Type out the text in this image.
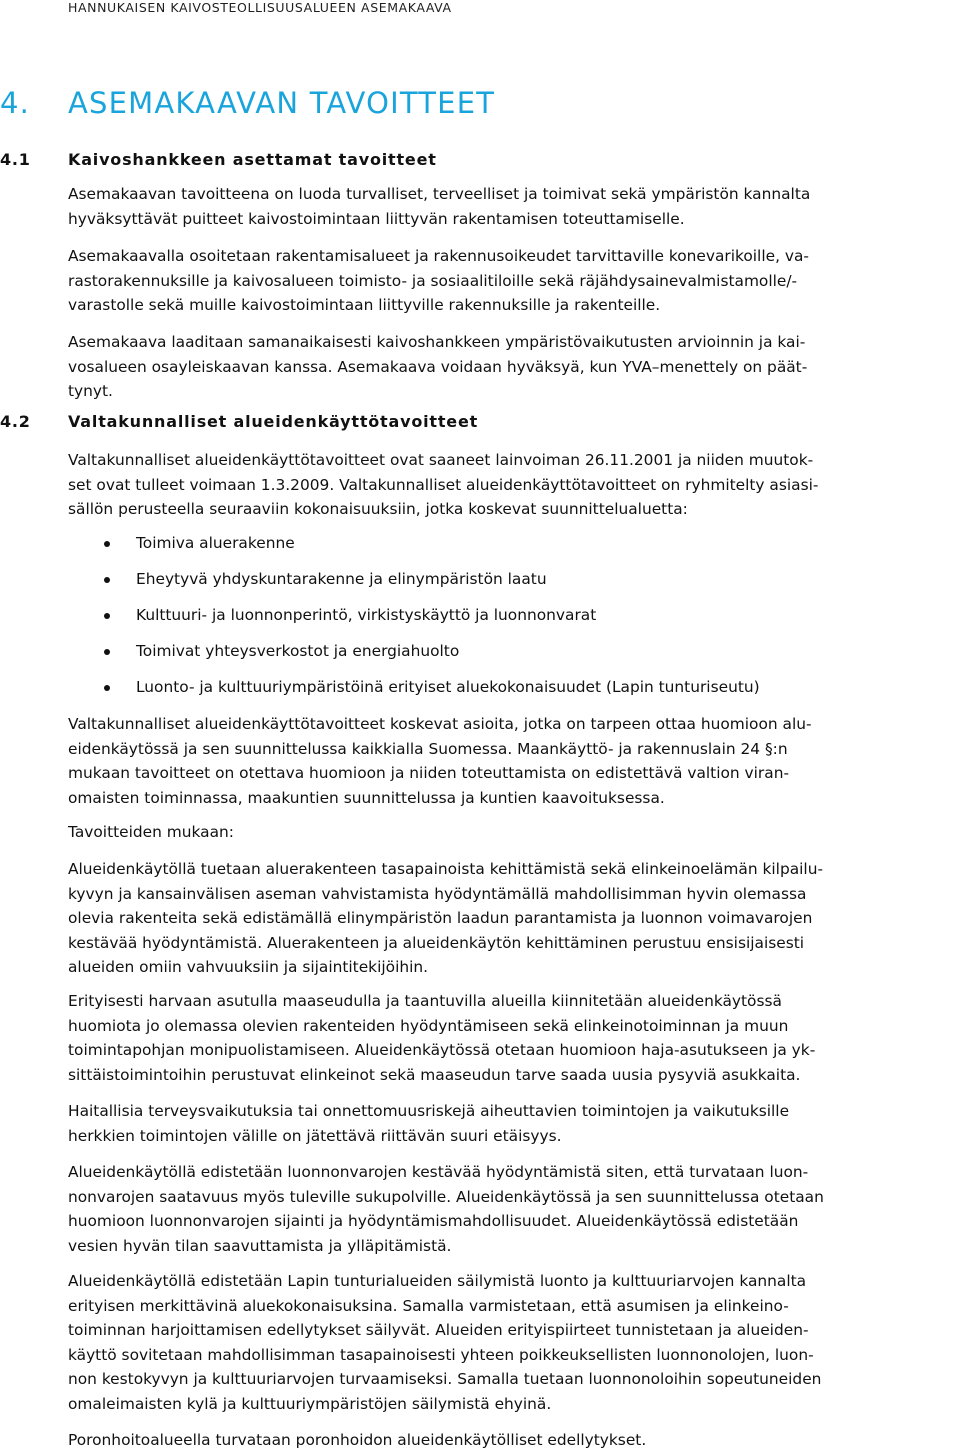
HANNUKAISEN KAIVOSTEOLLISUUSALUEEN ASEMAKAAVA
4. ASEMAKAAVAN TAVOITTEET
4.1 Kaivoshankkeen asettamat tavoitteet

Asemakaavan tavoitteena on luoda turvalliset, terveelliset ja toimivat sekä ympäristön kannalta
hyväksyttävät puitteet kaivostoimintaan liittyvän rakentamisen toteuttamiselle.

Asemakaavalla osoitetaan rakentamisalueet ja rakennusoikeudet tarvittaville konevarikoille, va-
rastorakennuksille ja kaivosalueen toimisto- ja sosiaalitiloille sekä räjähdysainevalmistamolle/-
varastolle sekä muille kaivostoimintaan liittyville rakennuksille ja rakenteille.

Asemakaava laaditaan samanaikaisesti kaivoshankkeen ympäristövaikutusten arvioinnin ja kai-
vosalueen osayleiskaavan kanssa. Asemakaava voidaan hyväksyä, kun YVA–menettely on päät-
tynyt.

4.2 Valtakunnalliset alueidenkäyttötavoitteet

Valtakunnalliset alueidenkäyttötavoitteet ovat saaneet lainvoiman 26.11.2001 ja niiden muutok-
set ovat tulleet voimaan 1.3.2009. Valtakunnalliset alueidenkäyttötavoitteet on ryhmitelty asiasi-
sällön perusteella seuraaviin kokonaisuuksiin, jotka koskevat suunnittelualuetta:

Toimiva aluerakenne
Eheytyvä yhdyskuntarakenne ja elinympäristön laatu
Kulttuuri- ja luonnonperintö, virkistyskäyttö ja luonnonvarat
Toimivat yhteysverkostot ja energiahuolto
Luonto- ja kulttuuriympäristöinä erityiset aluekokonaisuudet (Lapin tunturiseutu)

Valtakunnalliset alueidenkäyttötavoitteet koskevat asioita, jotka on tarpeen ottaa huomioon alu-
eidenkäytössä ja sen suunnittelussa kaikkialla Suomessa. Maankäyttö- ja rakennuslain 24 §:n
mukaan tavoitteet on otettava huomioon ja niiden toteuttamista on edistettävä valtion viran-
omaisten toiminnassa, maakuntien suunnittelussa ja kuntien kaavoituksessa.

Tavoitteiden mukaan:

Alueidenkäytöllä tuetaan aluerakenteen tasapainoista kehittämistä sekä elinkeinoelämän kilpailu-
kyvyn ja kansainvälisen aseman vahvistamista hyödyntämällä mahdollisimman hyvin olemassa
olevia rakenteita sekä edistämällä elinympäristön laadun parantamista ja luonnon voimavarojen
kestävää hyödyntämistä. Aluerakenteen ja alueidenkäytön kehittäminen perustuu ensisijaisesti
alueiden omiin vahvuuksiin ja sijaintitekijöihin.

Erityisesti harvaan asutulla maaseudulla ja taantuvilla alueilla kiinnitetään alueidenkäytössä
huomiota jo olemassa olevien rakenteiden hyödyntämiseen sekä elinkeinotoiminnan ja muun
toimintapohjan monipuolistamiseen. Alueidenkäytössä otetaan huomioon haja-asutukseen ja yk-
sittäistoimintoihin perustuvat elinkeinot sekä maaseudun tarve saada uusia pysyviä asukkaita.

Haitallisia terveysvaikutuksia tai onnettomuusriskejä aiheuttavien toimintojen ja vaikutuksille
herkkien toimintojen välille on jätettävä riittävän suuri etäisyys.

Alueidenkäytöllä edistetään luonnonvarojen kestävää hyödyntämistä siten, että turvataan luon-
nonvarojen saatavuus myös tuleville sukupolville. Alueidenkäytössä ja sen suunnittelussa otetaan
huomioon luonnonvarojen sijainti ja hyödyntämismahdollisuudet. Alueidenkäytössä edistetään
vesien hyvän tilan saavuttamista ja ylläpitämistä.

Alueidenkäytöllä edistetään Lapin tunturialueiden säilymistä luonto ja kulttuuriarvojen kannalta
erityisen merkittävinä aluekokonaisuksina. Samalla varmistetaan, että asumisen ja elinkeino-
toiminnan harjoittamisen edellytykset säilyvät. Alueiden erityispiirteet tunnistetaan ja alueiden-
käyttö sovitetaan mahdollisimman tasapainoisesti yhteen poikkeuksellisten luonnonolojen, luon-
non kestokyvyn ja kulttuuriarvojen turvaamiseksi. Samalla tuetaan luonnonoloihin sopeutuneiden
omaleimaisten kylä ja kulttuuriympäristöjen säilymistä ehyinä.

Poronhoitoalueella turvataan poronhoidon alueidenkäytölliset edellytykset.
